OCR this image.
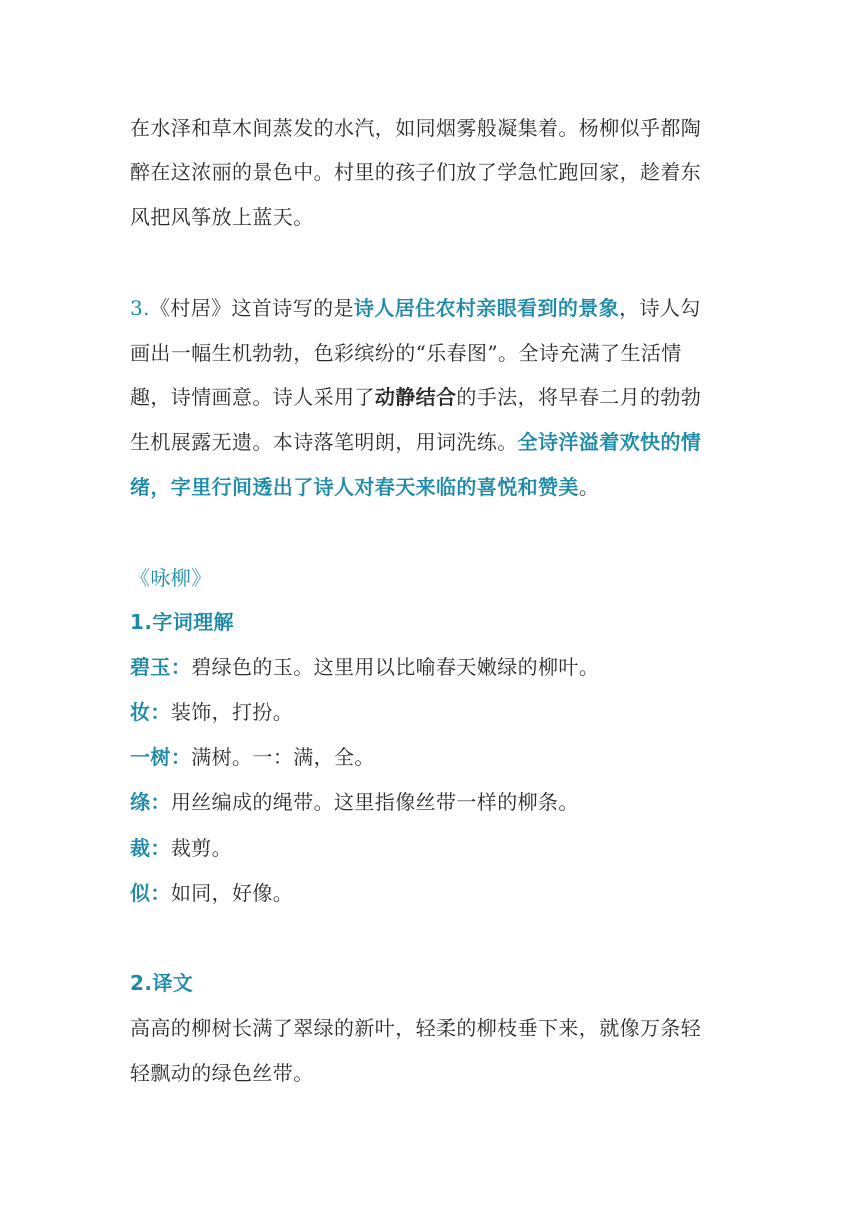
在水泽和草木间蒸发的水汽，如同烟雾般凝集着。杨柳似乎都陶
醉在这浓丽的景色中。村里的孩子们放了学急忙跑回家，趁着东
风把风筝放上蓝天。
3.《村居》这首诗写的是诗人居住农村亲眼看到的景象，诗人勾
画出一幅生机勃勃，色彩缤纷的“乐春图”。全诗充满了生活情
趣，诗情画意。诗人采用了动静结合的手法，将早春二月的勃勃
生机展露无遗。本诗落笔明朗，用词洗练。全诗洋溢着欢快的情
绪，字里行间透出了诗人对春天来临的喜悦和赞美。
《咏柳》
1.字词理解
碧玉：碧绿色的玉。这里用以比喻春天嫩绿的柳叶。
妆：装饰，打扮。
一树：满树。一：满，全。
绦：用丝编成的绳带。这里指像丝带一样的柳条。
裁：裁剪。
似：如同，好像。
2.译文
高高的柳树长满了翠绿的新叶，轻柔的柳枝垂下来，就像万条轻
轻飘动的绿色丝带。
